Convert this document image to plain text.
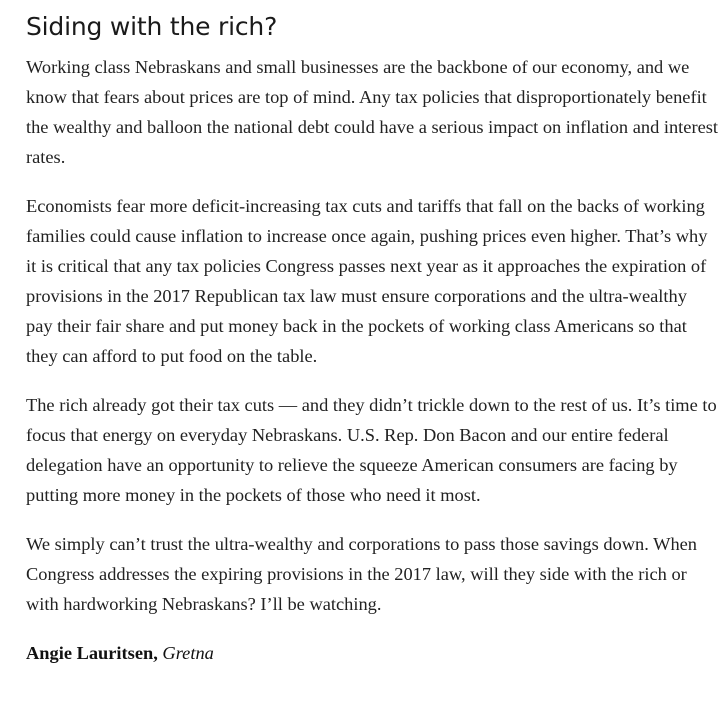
Siding with the rich?

Working class Nebraskans and small businesses are the backbone of our economy, and we know that fears about prices are top of mind. Any tax policies that disproportionately benefit the wealthy and balloon the national debt could have a serious impact on inflation and interest rates.

Economists fear more deficit-increasing tax cuts and tariffs that fall on the backs of working families could cause inflation to increase once again, pushing prices even higher. That’s why it is critical that any tax policies Congress passes next year as it approaches the expiration of provisions in the 2017 Republican tax law must ensure corporations and the ultra-wealthy pay their fair share and put money back in the pockets of working class Americans so that they can afford to put food on the table.

The rich already got their tax cuts — and they didn’t trickle down to the rest of us. It’s time to focus that energy on everyday Nebraskans. U.S. Rep. Don Bacon and our entire federal delegation have an opportunity to relieve the squeeze American consumers are facing by putting more money in the pockets of those who need it most.

We simply can’t trust the ultra-wealthy and corporations to pass those savings down. When Congress addresses the expiring provisions in the 2017 law, will they side with the rich or with hardworking Nebraskans? I’ll be watching.

Angie Lauritsen, Gretna
